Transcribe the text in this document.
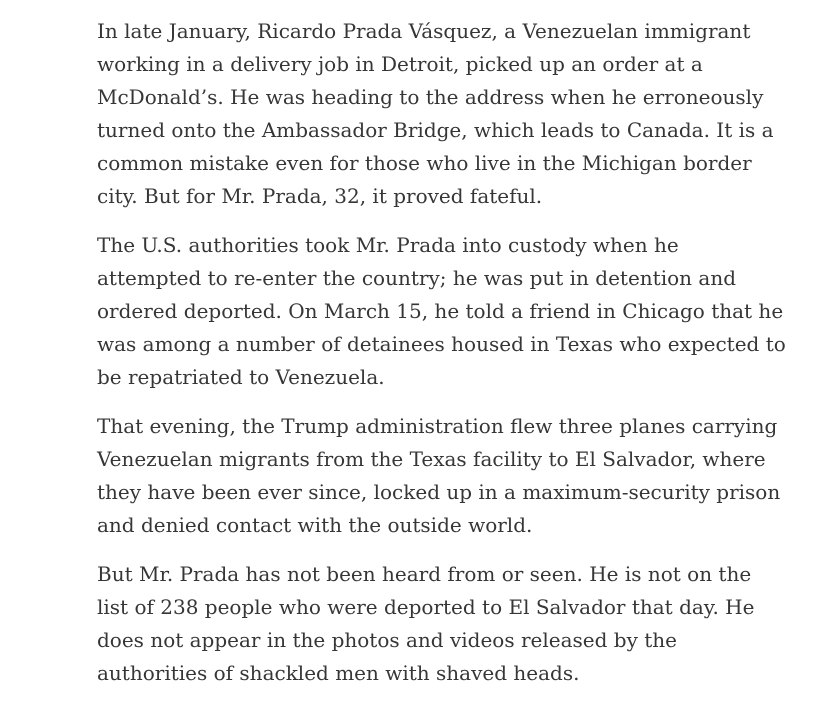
In late January, Ricardo Prada Vásquez, a Venezuelan immigrant working in a delivery job in Detroit, picked up an order at a McDonald’s. He was heading to the address when he erroneously turned onto the Ambassador Bridge, which leads to Canada. It is a common mistake even for those who live in the Michigan border city. But for Mr. Prada, 32, it proved fateful.

The U.S. authorities took Mr. Prada into custody when he attempted to re-enter the country; he was put in detention and ordered deported. On March 15, he told a friend in Chicago that he was among a number of detainees housed in Texas who expected to be repatriated to Venezuela.

That evening, the Trump administration flew three planes carrying Venezuelan migrants from the Texas facility to El Salvador, where they have been ever since, locked up in a maximum-security prison and denied contact with the outside world.

But Mr. Prada has not been heard from or seen. He is not on the list of 238 people who were deported to El Salvador that day. He does not appear in the photos and videos released by the authorities of shackled men with shaved heads.
